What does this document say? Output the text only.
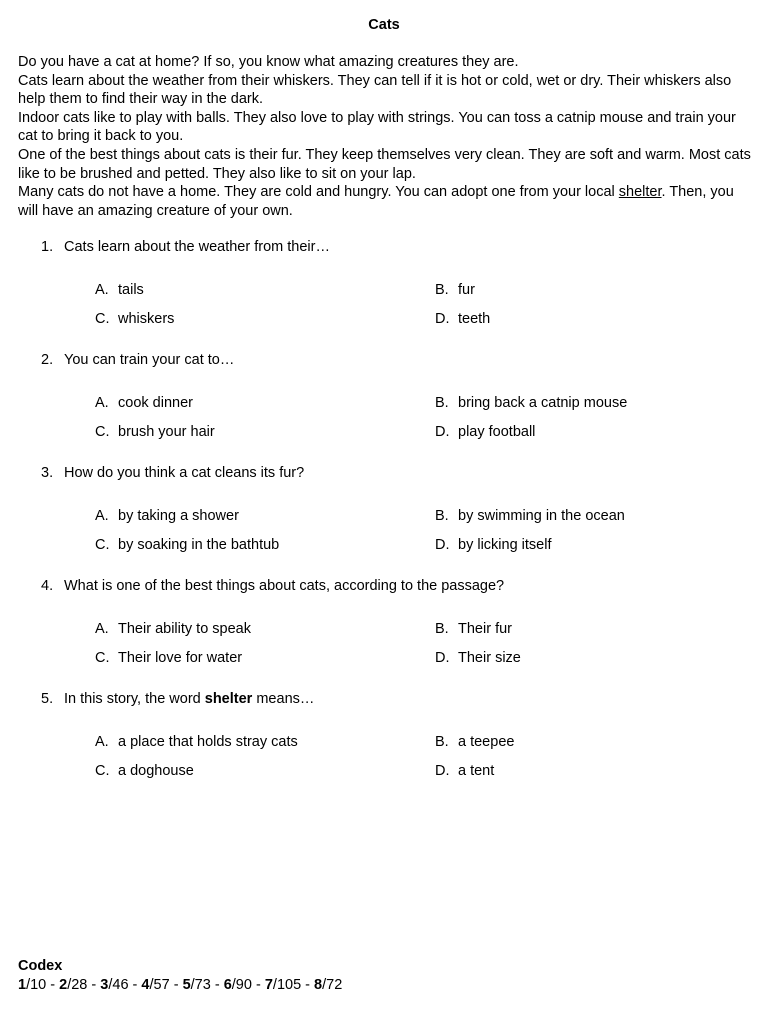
Cats

Do you have a cat at home? If so, you know what amazing creatures they are.

Cats learn about the weather from their whiskers. They can tell if it is hot or cold, wet or dry. Their whiskers also help them to find their way in the dark.

Indoor cats like to play with balls. They also love to play with strings. You can toss a catnip mouse and train your cat to bring it back to you.

One of the best things about cats is their fur. They keep themselves very clean. They are soft and warm. Most cats like to be brushed and petted. They also like to sit on your lap.

Many cats do not have a home. They are cold and hungry. You can adopt one from your local shelter. Then, you will have an amazing creature of your own.

1. Cats learn about the weather from their…
A. tails	B. fur
C. whiskers	D. teeth
2. You can train your cat to…
A. cook dinner	B. bring back a catnip mouse
C. brush your hair	D. play football
3. How do you think a cat cleans its fur?
A. by taking a shower	B. by swimming in the ocean
C. by soaking in the bathtub	D. by licking itself
4. What is one of the best things about cats, according to the passage?
A. Their ability to speak	B. Their fur
C. Their love for water	D. Their size
5. In this story, the word shelter means…
A. a place that holds stray cats	B. a teepee
C. a doghouse	D. a tent
Codex
1/10 - 2/28 - 3/46 - 4/57 - 5/73 - 6/90 - 7/105 - 8/72
